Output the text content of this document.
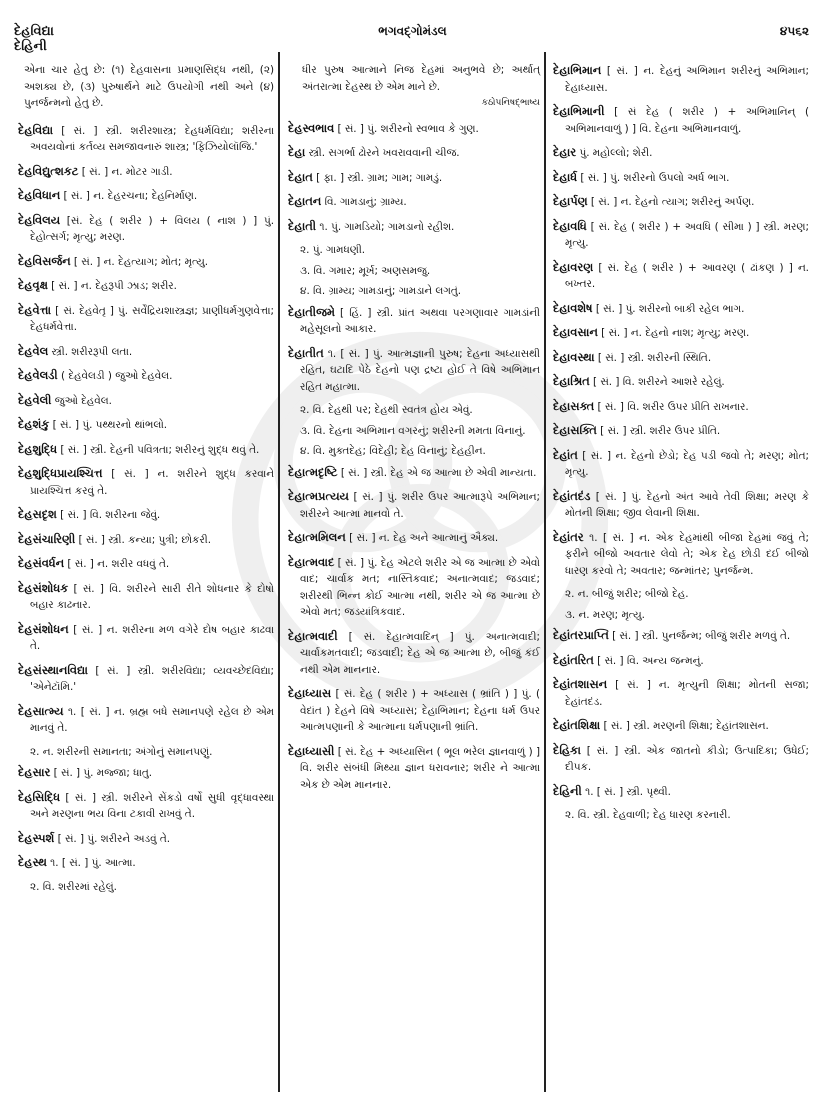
દેહવિદ્યા
દેહિની
ભગવદ્ગોમંડલ	૪૫૬૨
એના ચાર હેતુ છે: (૧) દેહવાસના પ્રમાણસિદ્ધ નથી, (૨) અશક્ય છે, (૩) પુરુષાર્થને માટે ઉપયોગી નથી અને (૪) પુનર્જન્મનો હેતુ છે.
દેહવિદ્યા [ સં. ] સ્ત્રી. શરીરશાસ્ત્ર; દેહધર્મવિદ્યા; શરીરના અવયવોનાં કર્તવ્ય સમજાવનારું શાસ્ત્ર; 'ફિઝિયોલૉજિ.'
દેહવિદ્યુત્શકટ [ સં. ] ન. મોટર ગાડી.
દેહવિધાન [ સં. ] ન. દેહરચના; દેહનિર્માણ.
દેહવિલય [સં. દેહ ( શરીર ) + વિલય ( નાશ ) ] પું. દેહોત્સર્ગ; મૃત્યુ; મરણ.
દેહવિસર્જન [ સં. ] ન. દેહત્યાગ; મોત; મૃત્યુ.
દેહવૃક્ષ [ સં. ] ન. દેહરૂપી ઝાડ; શરીર.
દેહવેત્તા [ સં. દેહવેતૃ ] પું. સર્વેંદ્રિયશાસ્ત્રજ્ઞ; પ્રાણીધર્મગુણવેત્તા; દેહધર્મવેત્તા.
દેહવેલ સ્ત્રી. શરીરરૂપી લતા.
દેહવેલડી ( દેહવેલડી ) જુઓ દેહવેલ.
દેહવેલી જુઓ દેહવેલ.
દેહશંકુ [ સં. ] પું. પથ્થરનો થાંભલો.
દેહશુદ્ધિ [ સં. ] સ્ત્રી. દેહની પવિત્રતા; શરીરનું શુદ્ધ થવું તે.
દેહશુદ્ધિપ્રાયશ્ચિત્ત [ સં. ] ન. શરીરને શુદ્ધ કરવાને પ્રાયશ્ચિત્ત કરવું તે.
દેહસદૃશ [ સં. ] વિ. શરીરના જેવું.
દેહસંચારિણી [ સં. ] સ્ત્રી. કન્યા; પુત્રી; છોકરી.
દેહસંવર્ધન [ સં. ] ન. શરીર વધવું તે.
દેહસંશોધક [ સં. ] વિ. શરીરને સારી રીતે શોધનાર કે દોષો બહાર કાઢનાર.
દેહસંશોધન [ સં. ] ન. શરીરના મળ વગેરે દોષ બહાર કાઢવા તે.
દેહસંસ્થાનવિદ્યા [ સં. ] સ્ત્રી. શરીરવિદ્યા; વ્યવચ્છેદવિદ્યા; 'એનેટૉમિ.'
દેહસાત્મ્ય ૧. [ સં. ] ન. બ્રહ્મ બધે સમાનપણે રહેલ છે એમ માનવું તે.
૨. ન. શરીરની સમાનતા; અંગોનું સમાનપણું.
દેહસાર [ સં. ] પું. મજ્જા; ધાતુ.
દેહસિદ્ધિ [ સં. ] સ્ત્રી. શરીરને સેંકડો વર્ષો સુધી વૃદ્ધાવસ્થા અને મરણના ભય વિના ટકાવી રાખવું તે.
દેહસ્પર્શ [ સં. ] પું. શરીરને અડવું તે.
દેહસ્થ ૧. [ સં. ] પું. આત્મા.
૨. વિ. શરીરમાં રહેલું.
ધીર પુરુષ આત્માને નિજ દેહમાં અનુભવે છે; અર્થાત્ અંતરાત્મા દેહસ્થ છે એમ માને છે.
કઠોપનિષદ્ભાષ્ય
દેહસ્વભાવ [ સં. ] પું. શરીરનો સ્વભાવ કે ગુણ.
દેહા સ્ત્રી. સગર્ભા ઢોરને ખવરાવવાની ચીજ.
દેહાત [ ફા. ] સ્ત્રી. ગ્રામ; ગામ; ગામડું.
દેહાતન વિ. ગામડાનું; ગ્રામ્ય.
દેહાતી ૧. પું. ગામડિયો; ગામડાનો રહીશ.
૨. પું. ગામધણી.
૩. વિ. ગમાર; મૂર્ખ; અણસમજુ.
૪. વિ. ગ્રામ્ય; ગામડાનું; ગામડાને લગતું.
દેહાતીજમે [ હિં. ] સ્ત્રી. પ્રાંત અથવા પરગણાવાર ગામડાંની મહેસૂલનો આકાર.
દેહાતીત ૧. [ સં. ] પું. આત્મજ્ઞાની પુરુષ; દેહના અધ્યાસથી રહિત, ઘટાદિ પેઠે દેહનો પણ દ્રષ્ટા હોઈ તે વિષે અભિમાન રહિત મહાત્મા.
૨. વિ. દેહથી પર; દેહથી સ્વતંત્ર હોય એવું.
૩. વિ. દેહના અભિમાન વગરનું; શરીરની મમતા વિનાનું.
૪. વિ. મુક્તદેહ; વિદેહી; દેહ વિનાનું; દેહહીન.
દેહાત્મદૃષ્ટિ [ સં. ] સ્ત્રી. દેહ એ જ આત્મા છે એવી માન્યતા.
દેહાત્મપ્રત્યય [ સં. ] પું. શરીર ઉપર આત્મારૂપે અભિમાન; શરીરને આત્મા માનવો તે.
દેહાત્મમિલન [ સં. ] ન. દેહ અને આત્માનું ઐક્ય.
દેહાત્મવાદ [ સં. ] પું. દેહ એટલે શરીર એ જ આત્મા છે એવો વાદ; ચાર્વાક મત; નાસ્તિકવાદ; અનાત્મવાદ; જડવાદ; શરીરથી ભિન્ન કોઈ આત્મા નથી, શરીર એ જ આત્મા છે એવો મત; જડયાંત્રિકવાદ.
દેહાત્મવાદી [ સં. દેહાત્મવાદિન્ ] પું. અનાત્મવાદી; ચાર્વાકમતવાદી; જડવાદી; દેહ એ જ આત્મા છે, બીજું કંઈ નથી એમ માનનાર.
દેહાધ્યાસ [ સં. દેહ ( શરીર ) + અધ્યાસ ( ભ્રાંતિ ) ] પું. ( વેદાંત ) દેહને વિષે અધ્યાસ; દેહાભિમાન; દેહના ધર્મ ઉપર આત્મપણાની કે આત્માના ધર્મપણાની ભ્રાંતિ.
દેહાધ્યાસી [ સં. દેહ + અધ્યાસિન ( ભૂલ ભરેલ જ્ઞાનવાળું ) ] વિ. શરીર સંબંધી મિથ્યા જ્ઞાન ધરાવનાર; શરીર ને આત્મા એક છે એમ માનનાર.
દેહાભિમાન [ સં. ] ન. દેહનું અભિમાન શરીરનું અભિમાન; દેહાધ્યાસ.
દેહાભિમાની [ સં દેહ ( શરીર ) + અભિમાનિન્ ( અભિમાનવાળું ) ] વિ. દેહના અભિમાનવાળું.
દેહાર પું. મહોલ્લો; શેરી.
દેહાર્ધ [ સં. ] પું. શરીરનો ઉપલો અર્ધ ભાગ.
દેહાર્પણ [ સં. ] ન. દેહનો ત્યાગ; શરીરનું અર્પણ.
દેહાવધિ [ સં. દેહ ( શરીર ) + અવધિ ( સીમા ) ] સ્ત્રી. મરણ; મૃત્યુ.
દેહાવરણ [ સં. દેહ ( શરીર ) + આવરણ ( ઢાંકણ ) ] ન. બખ્તર.
દેહાવશેષ [ સં. ] પું. શરીરનો બાકી રહેલ ભાગ.
દેહાવસાન [ સં. ] ન. દેહનો નાશ; મૃત્યુ; મરણ.
દેહાવસ્થા [ સં. ] સ્ત્રી. શરીરની સ્થિતિ.
દેહાશ્રિત [ સં. ] વિ. શરીરને આશરે રહેલું.
દેહાસક્ત [ સં. ] વિ. શરીર ઉપર પ્રીતિ રાખનાર.
દેહાસક્તિ [ સં. ] સ્ત્રી. શરીર ઉપર પ્રીતિ.
દેહાંત [ સં. ] ન. દેહનો છેડો; દેહ પડી જવો તે; મરણ; મોત; મૃત્યુ.
દેહાંતદંડ [ સં. ] પું. દેહનો અંત આવે તેવી શિક્ષા; મરણ કે મોતની શિક્ષા; જીવ લેવાની શિક્ષા.
દેહાંતર ૧. [ સં. ] ન. એક દેહમાંથી બીજા દેહમાં જવું તે; ફરીને બીજો અવતાર લેવો તે; એક દેહ છોડી દઈ બીજો ધારણ કરવો તે; અવતાર; જન્માંતર; પુનર્જન્મ.
૨. ન. બીજું શરીર; બીજો દેહ.
૩. ન. મરણ; મૃત્યુ.
દેહાંતરપ્રાપ્તિ [ સં. ] સ્ત્રી. પુનર્જન્મ; બીજું શરીર મળવું તે.
દેહાંતરિત [ સં. ] વિ. અન્ય જન્મનું.
દેહાંતશાસન [ સં. ] ન. મૃત્યુની શિક્ષા; મોતની સજા; દેહાંતદંડ.
દેહાંતશિક્ષા [ સં. ] સ્ત્રી. મરણની શિક્ષા; દેહાંતશાસન.
દેહિકા [ સં. ] સ્ત્રી. એક જાતનો કીડો; ઉત્પાદિકા; ઉધેઈ; દીપક.
દેહિની ૧. [ સં. ] સ્ત્રી. પૃથ્વી.
૨. વિ. સ્ત્રી. દેહવાળી; દેહ ધારણ કરનારી.
